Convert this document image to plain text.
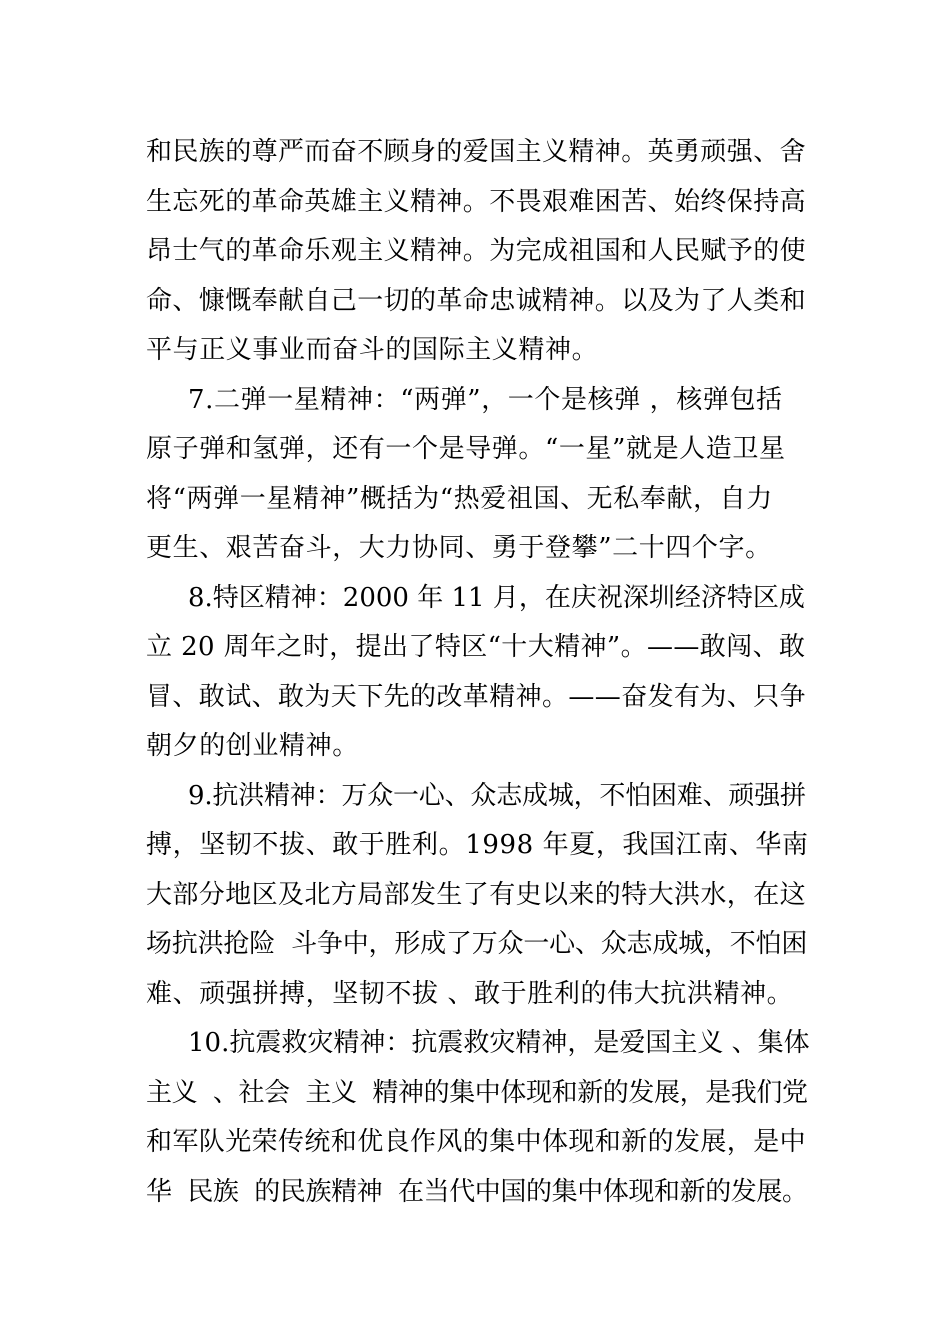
和民族的尊严而奋不顾身的爱国主义精神。英勇顽强、舍
生忘死的革命英雄主义精神。不畏艰难困苦、始终保持高
昂士气的革命乐观主义精神。为完成祖国和人民赋予的使
命、慷慨奉献自己一切的革命忠诚精神。以及为了人类和
平与正义事业而奋斗的国际主义精神。
7.二弹一星精神：“两弹”，一个是核弹 ，核弹包括
原子弹和氢弹，还有一个是导弹。“一星”就是人造卫星
将“两弹一星精神”概括为“热爱祖国、无私奉献，自力
更生、艰苦奋斗，大力协同、勇于登攀”二十四个字。
8.特区精神：2000 年 11 月，在庆祝深圳经济特区成
立 20 周年之时，提出了特区“十大精神”。——敢闯、敢
冒、敢试、敢为天下先的改革精神。——奋发有为、只争
朝夕的创业精神。
9.抗洪精神：万众一心、众志成城，不怕困难、顽强拼
搏，坚韧不拔、敢于胜利。1998 年夏，我国江南、华南
大部分地区及北方局部发生了有史以来的特大洪水，在这
场抗洪抢险  斗争中，形成了万众一心、众志成城，不怕困
难、顽强拼搏，坚韧不拔 、敢于胜利的伟大抗洪精神。
10.抗震救灾精神：抗震救灾精神，是爱国主义 、集体
主义  、社会  主义  精神的集中体现和新的发展，是我们党
和军队光荣传统和优良作风的集中体现和新的发展，是中
华  民族  的民族精神  在当代中国的集中体现和新的发展。
